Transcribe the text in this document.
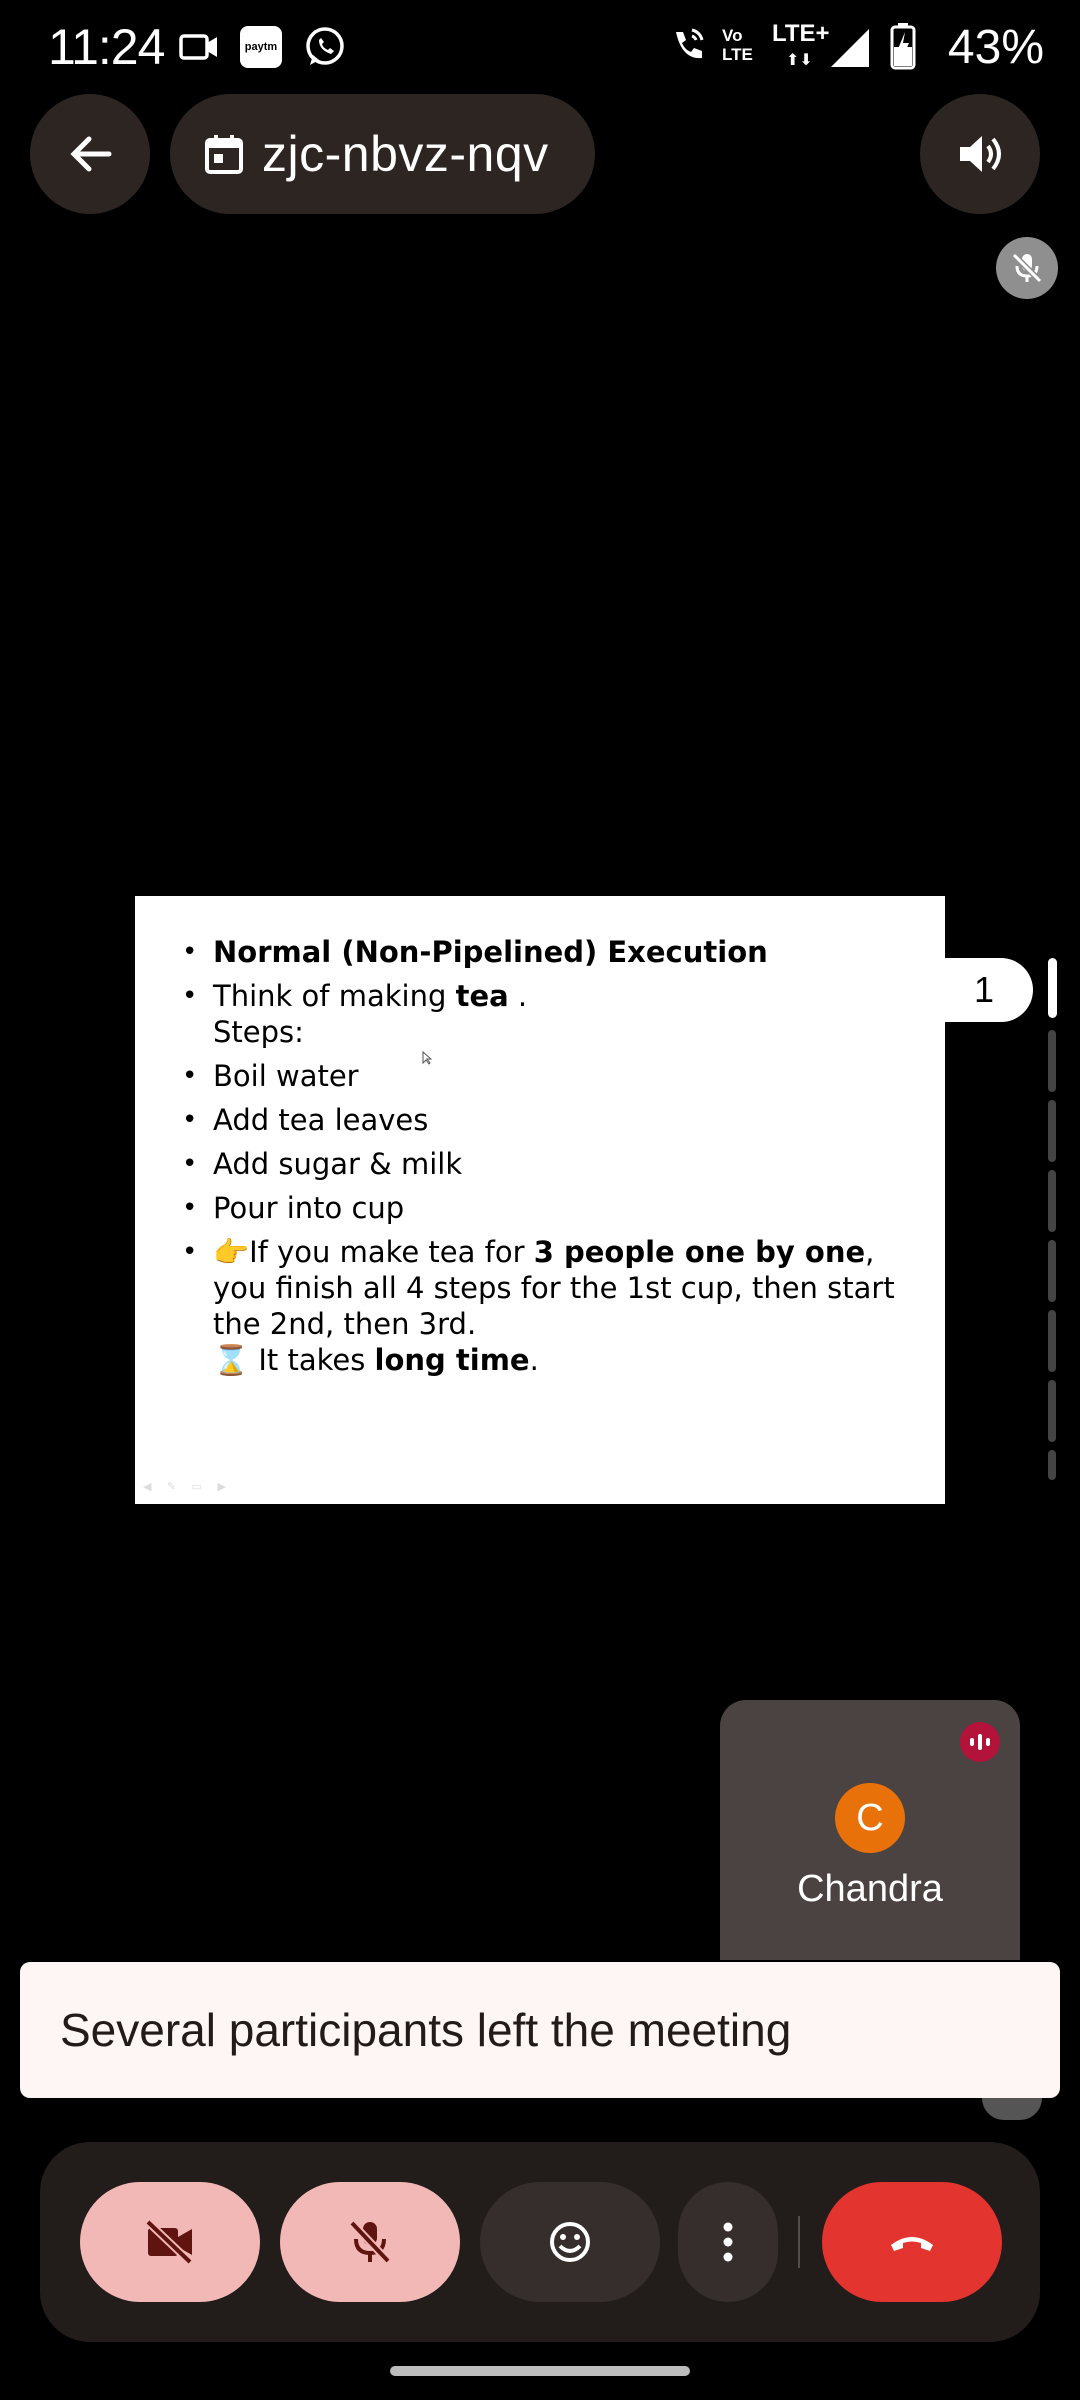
11:24	paytm
Vo
LTE
LTE+
⬆⬇	43%
zjc-nbvz-nqv
• Normal (Non-Pipelined) Execution
• Think of making tea .
Steps:
• Boil water
• Add tea leaves
• Add sugar & milk
• Pour into cup
• 👉If you make tea for 3 people one by one, you finish all 4 steps for the 1st cup, then start the 2nd, then 3rd.
⌛ It takes long time.
◀ ✎ ▭ ▶
1
C
Chandra
Several participants left the meeting
